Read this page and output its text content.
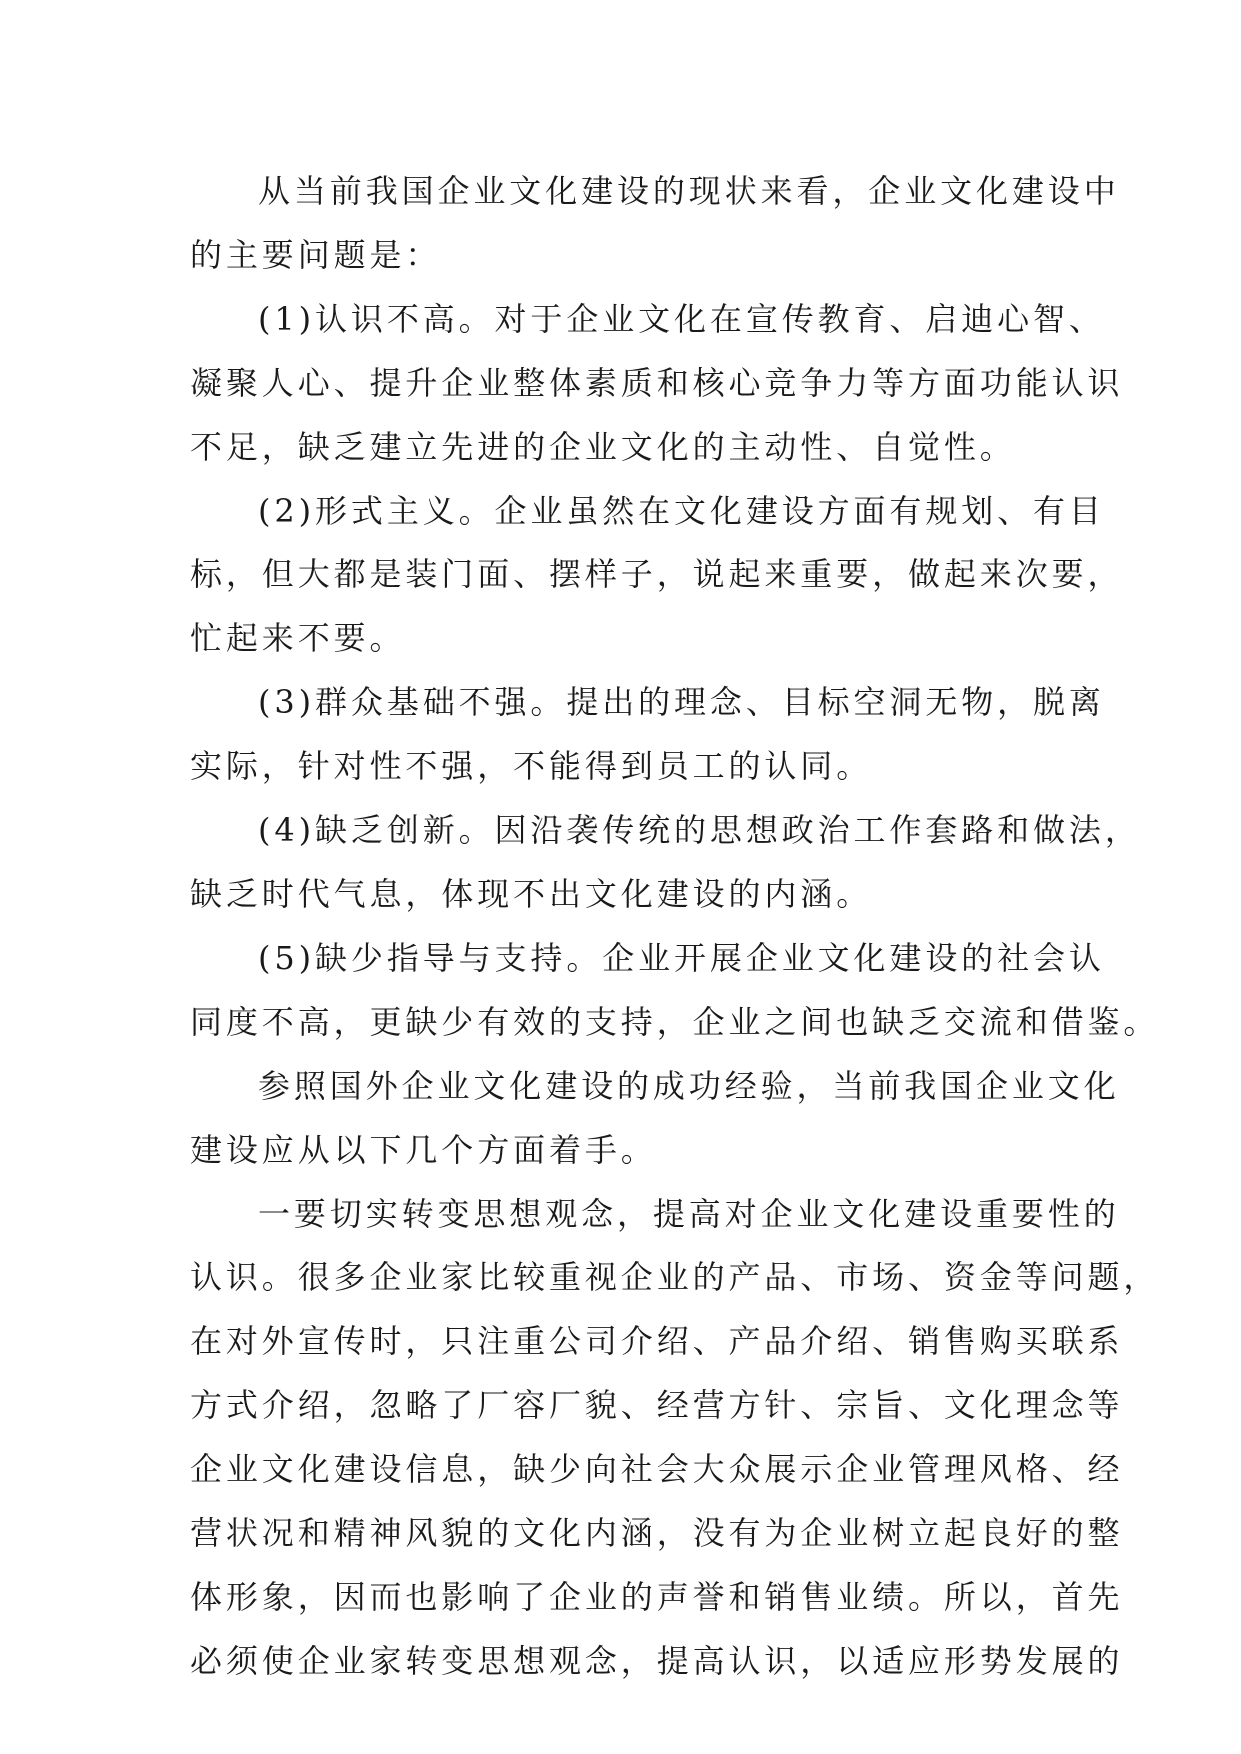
从当前我国企业文化建设的现状来看，企业文化建设中
的主要问题是：
(1)认识不高。对于企业文化在宣传教育、启迪心智、
凝聚人心、提升企业整体素质和核心竞争力等方面功能认识
不足，缺乏建立先进的企业文化的主动性、自觉性。
(2)形式主义。企业虽然在文化建设方面有规划、有目
标，但大都是装门面、摆样子，说起来重要，做起来次要，
忙起来不要。
(3)群众基础不强。提出的理念、目标空洞无物，脱离
实际，针对性不强，不能得到员工的认同。
(4)缺乏创新。因沿袭传统的思想政治工作套路和做法，
缺乏时代气息，体现不出文化建设的内涵。
(5)缺少指导与支持。企业开展企业文化建设的社会认
同度不高，更缺少有效的支持，企业之间也缺乏交流和借鉴。
参照国外企业文化建设的成功经验，当前我国企业文化
建设应从以下几个方面着手。
一要切实转变思想观念，提高对企业文化建设重要性的
认识。很多企业家比较重视企业的产品、市场、资金等问题，
在对外宣传时，只注重公司介绍、产品介绍、销售购买联系
方式介绍，忽略了厂容厂貌、经营方针、宗旨、文化理念等
企业文化建设信息，缺少向社会大众展示企业管理风格、经
营状况和精神风貌的文化内涵，没有为企业树立起良好的整
体形象，因而也影响了企业的声誉和销售业绩。所以，首先
必须使企业家转变思想观念，提高认识，以适应形势发展的
